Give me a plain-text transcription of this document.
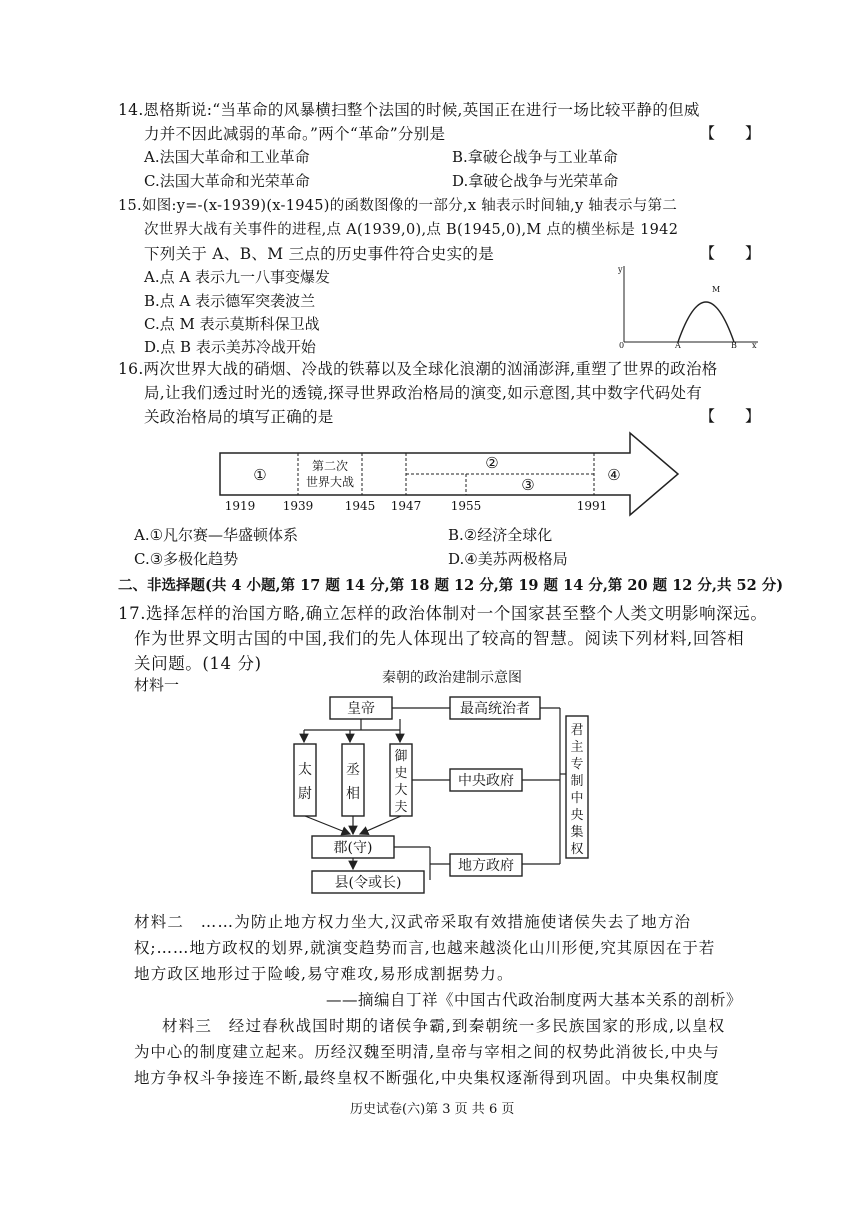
14.恩格斯说:“当革命的风暴横扫整个法国的时候,英国正在进行一场比较平静的但威
力并不因此减弱的革命。”两个“革命”分别是	【　　】
A.法国大革命和工业革命	B.拿破仑战争与工业革命
C.法国大革命和光荣革命	D.拿破仑战争与光荣革命
15.如图:y=-(x-1939)(x-1945)的函数图像的一部分,x 轴表示时间轴,y 轴表示与第二
次世界大战有关事件的进程,点 A(1939,0),点 B(1945,0),M 点的横坐标是 1942
下列关于 A、B、M 三点的历史事件符合史实的是	【　　】
A.点 A 表示九一八事变爆发
B.点 A 表示德军突袭波兰
C.点 M 表示莫斯科保卫战
D.点 B 表示美苏冷战开始
y
0	A	B
M
x
16.两次世界大战的硝烟、冷战的铁幕以及全球化浪潮的汹涌澎湃,重塑了世界的政治格
局,让我们透过时光的透镜,探寻世界政治格局的演变,如示意图,其中数字代码处有
关政治格局的填写正确的是	【　　】
①	第二次
世界大战
②
③
④
1919 1939	1945 1947 1955	1991
A.①凡尔赛—华盛顿体系	B.②经济全球化
C.③多极化趋势	D.④美苏两极格局
二、非选择题(共 4 小题,第 17 题 14 分,第 18 题 12 分,第 19 题 14 分,第 20 题 12 分,共 52 分)
17.选择怎样的治国方略,确立怎样的政治体制对一个国家甚至整个人类文明影响深远。
作为世界文明古国的中国,我们的先人体现出了较高的智慧。阅读下列材料,回答相
关问题。(14 分)
材料一	秦朝的政治建制示意图
皇帝	最高统治者
太
尉
丞
相
御
史
大
夫
中央政府
郡(守)
地方政府
县(令或长)
君
主
专
制
中
央
集
权
材料二　……为防止地方权力坐大,汉武帝采取有效措施使诸侯失去了地方治
权;……地方政权的划界,就演变趋势而言,也越来越淡化山川形便,究其原因在于若
地方政区地形过于险峻,易守难攻,易形成割据势力。
——摘编自丁祥《中国古代政治制度两大基本关系的剖析》
材料三　经过春秋战国时期的诸侯争霸,到秦朝统一多民族国家的形成,以皇权
为中心的制度建立起来。历经汉魏至明清,皇帝与宰相之间的权势此消彼长,中央与
地方争权斗争接连不断,最终皇权不断强化,中央集权逐渐得到巩固。中央集权制度
历史试卷(六)第 3 页 共 6 页
